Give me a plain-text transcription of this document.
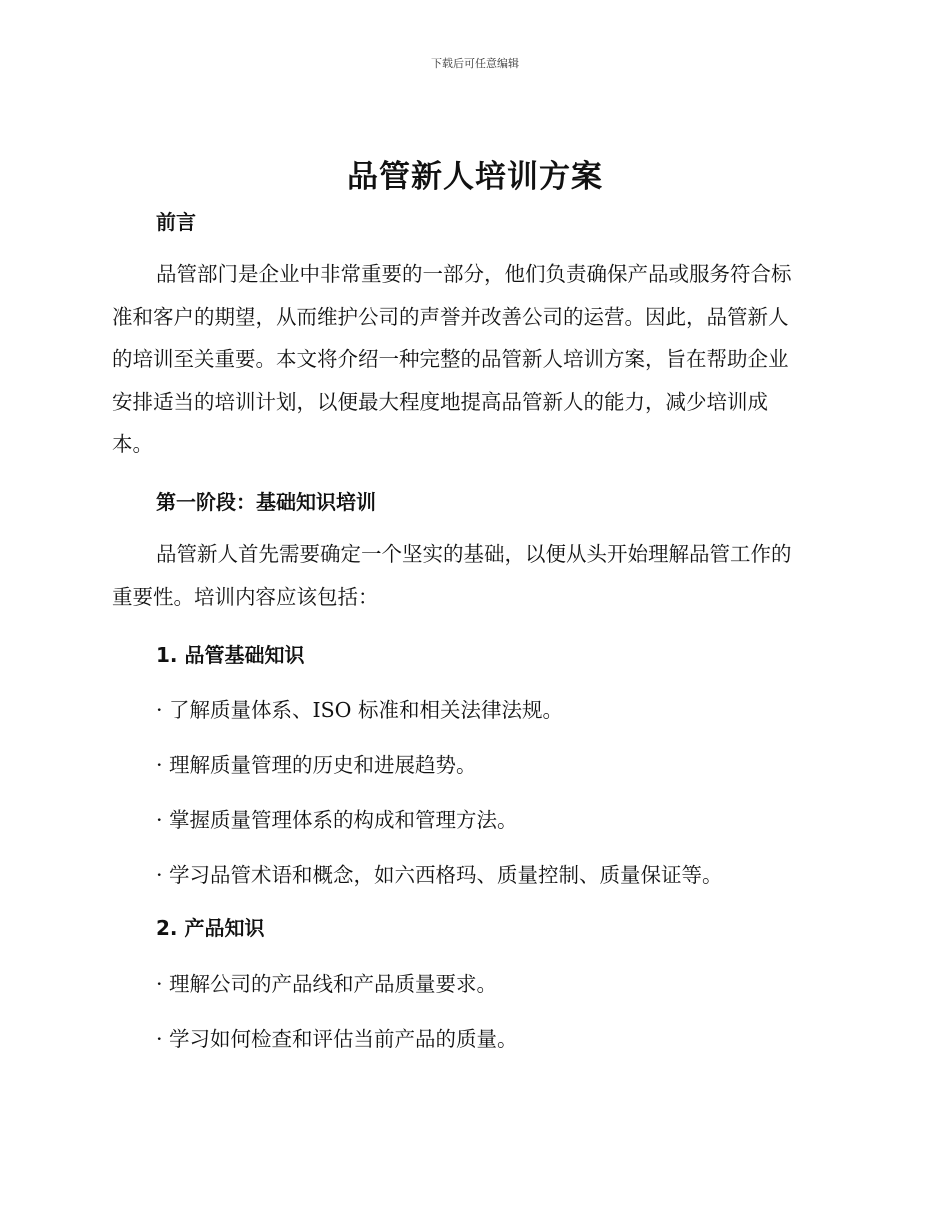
下载后可任意编辑
品管新人培训方案
前言
品管部门是企业中非常重要的一部分，他们负责确保产品或服务符合标
准和客户的期望，从而维护公司的声誉并改善公司的运营。因此，品管新人
的培训至关重要。本文将介绍一种完整的品管新人培训方案，旨在帮助企业
安排适当的培训计划，以便最大程度地提高品管新人的能力，减少培训成
本。
第一阶段：基础知识培训
品管新人首先需要确定一个坚实的基础，以便从头开始理解品管工作的
重要性。培训内容应该包括：
1. 品管基础知识

· 了解质量体系、ISO 标准和相关法律法规。

· 理解质量管理的历史和进展趋势。

· 掌握质量管理体系的构成和管理方法。

· 学习品管术语和概念，如六西格玛、质量控制、质量保证等。

2. 产品知识

· 理解公司的产品线和产品质量要求。

· 学习如何检查和评估当前产品的质量。
